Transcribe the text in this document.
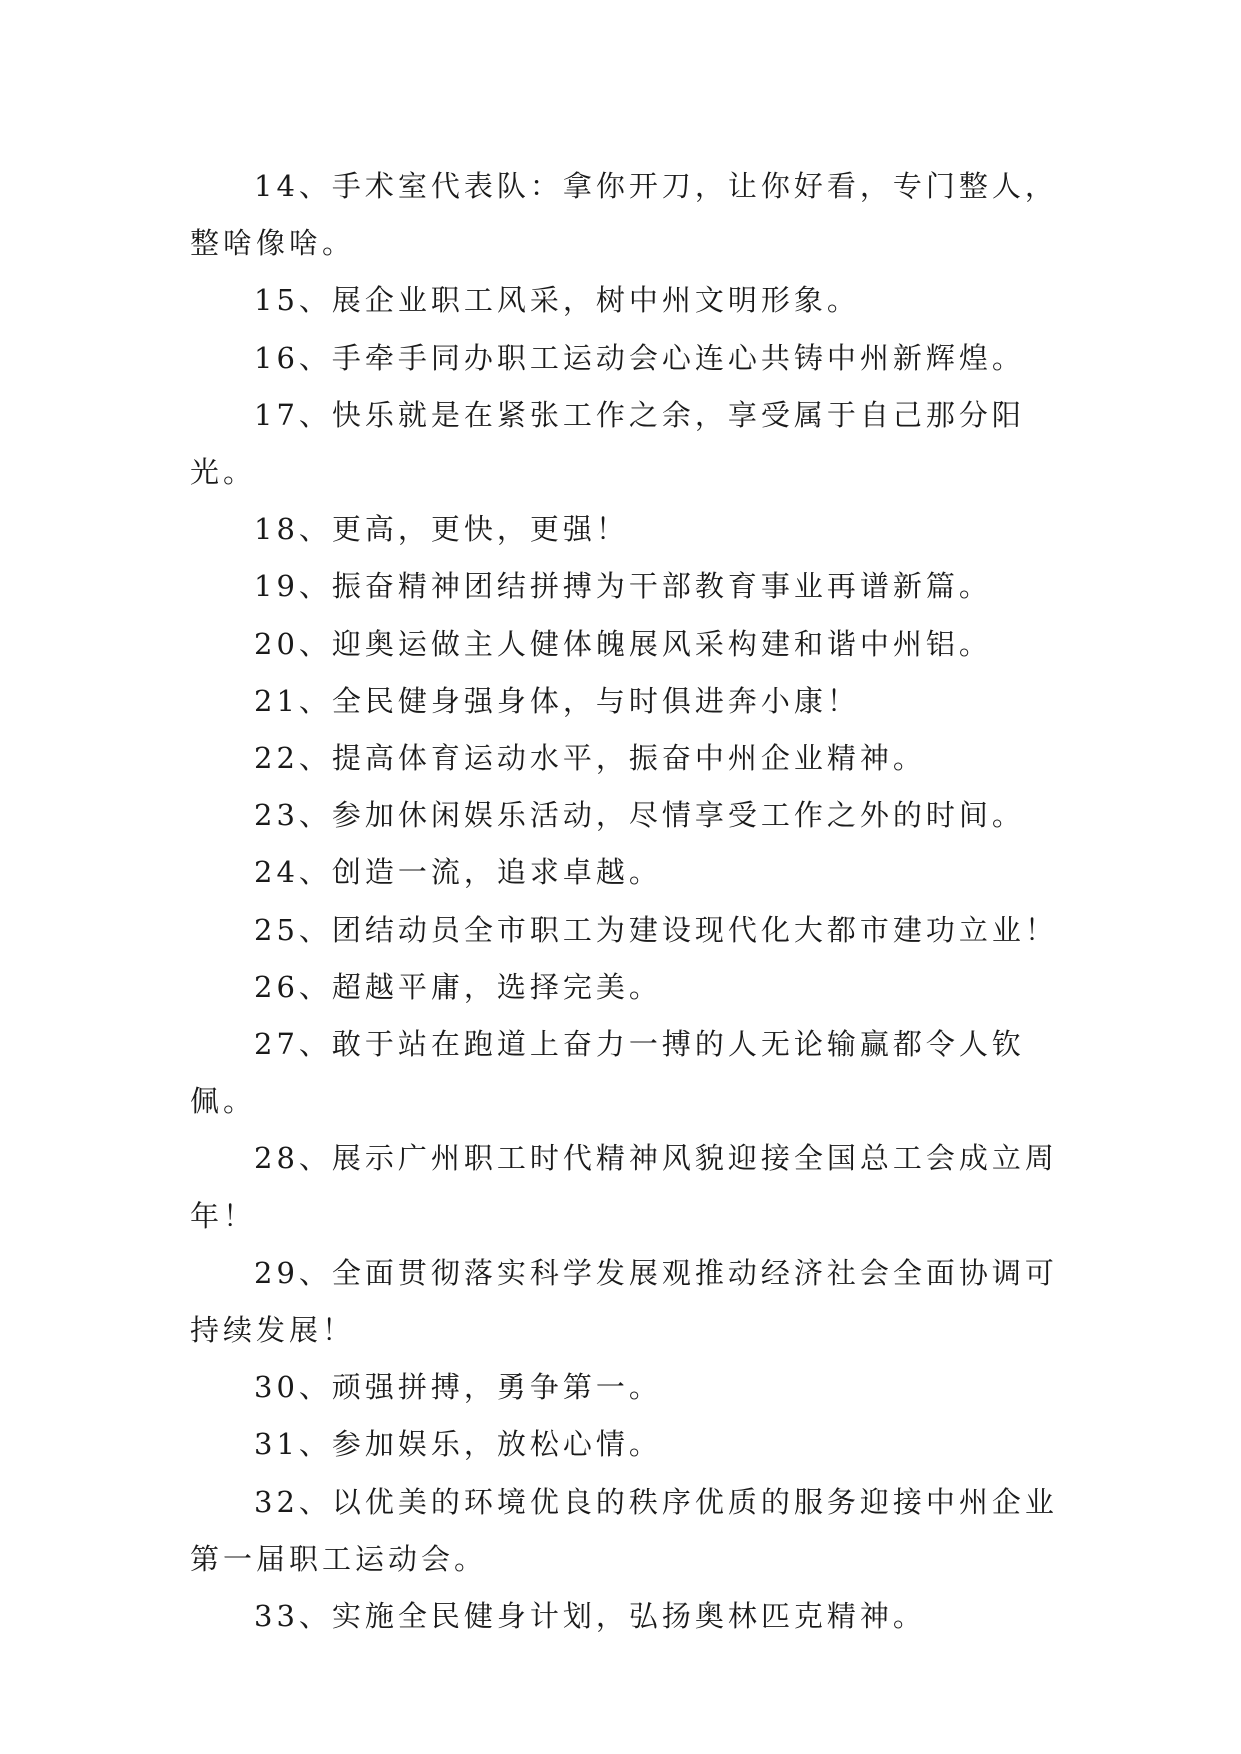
14、手术室代表队：拿你开刀，让你好看，专门整人，整啥像啥。

15、展企业职工风采，树中州文明形象。

16、手牵手同办职工运动会心连心共铸中州新辉煌。

17、快乐就是在紧张工作之余，享受属于自己那分阳光。

18、更高，更快，更强！

19、振奋精神团结拼搏为干部教育事业再谱新篇。

20、迎奥运做主人健体魄展风采构建和谐中州铝。

21、全民健身强身体，与时俱进奔小康！

22、提高体育运动水平，振奋中州企业精神。

23、参加休闲娱乐活动，尽情享受工作之外的时间。

24、创造一流，追求卓越。

25、团结动员全市职工为建设现代化大都市建功立业！

26、超越平庸，选择完美。

27、敢于站在跑道上奋力一搏的人无论输赢都令人钦佩。

28、展示广州职工时代精神风貌迎接全国总工会成立周年！

29、全面贯彻落实科学发展观推动经济社会全面协调可持续发展！

30、顽强拼搏，勇争第一。

31、参加娱乐，放松心情。

32、以优美的环境优良的秩序优质的服务迎接中州企业第一届职工运动会。

33、实施全民健身计划，弘扬奥林匹克精神。
